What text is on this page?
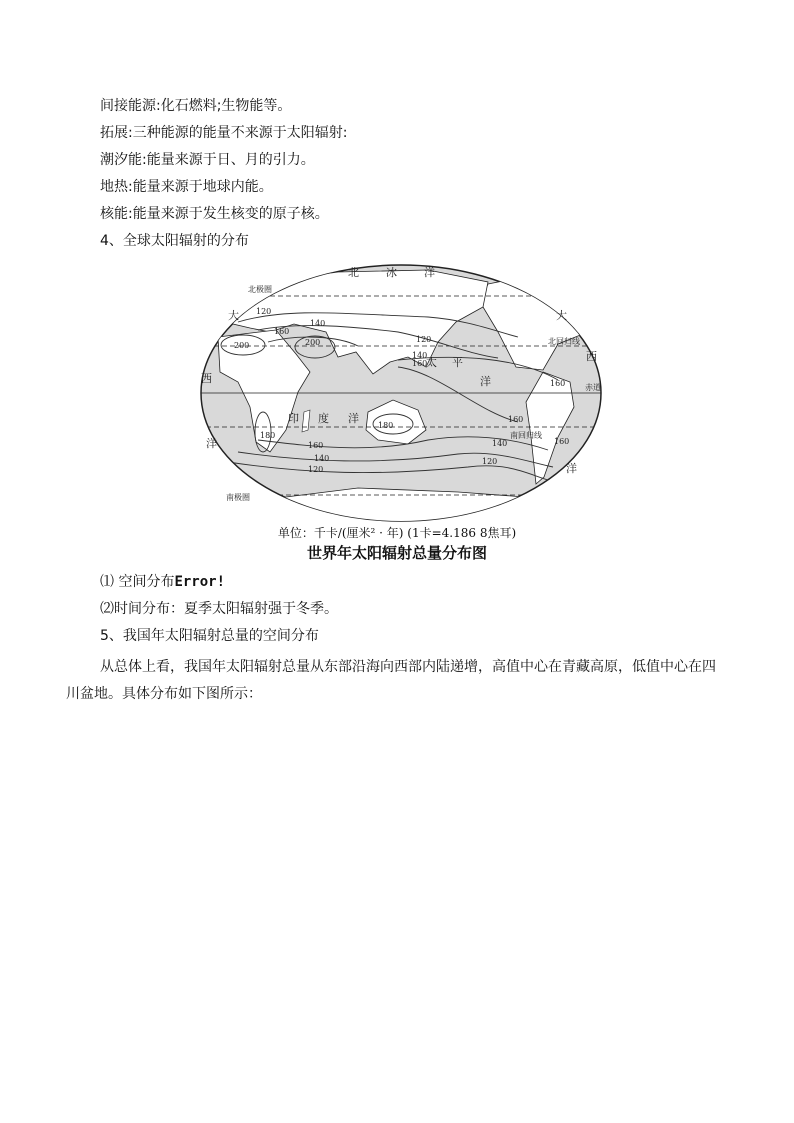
间接能源:化石燃料;生物能等。
拓展:三种能源的能量不来源于太阳辐射:
潮汐能:能量来源于日、月的引力。
地热:能量来源于地球内能。
核能:能量来源于发生核变的原子核。
4、全球太阳辐射的分布
北 冰 洋
太 平
洋
印 度 洋
大
西
洋
大
西
洋
北极圈
北回归线
赤道
南回归线
南极圈
120
140
160
200	200	120
140
160
160
180
180
160
160
140
120
160
140
120
单位：千卡/(厘米² · 年) (1卡=4.186 8焦耳)
世界年太阳辐射总量分布图
⑴ 空间分布Error!
⑵时间分布：夏季太阳辐射强于冬季。
5、我国年太阳辐射总量的空间分布
从总体上看，我国年太阳辐射总量从东部沿海向西部内陆递增，高值中心在青藏高原，低值中心在四川盆地。具体分布如下图所示：
